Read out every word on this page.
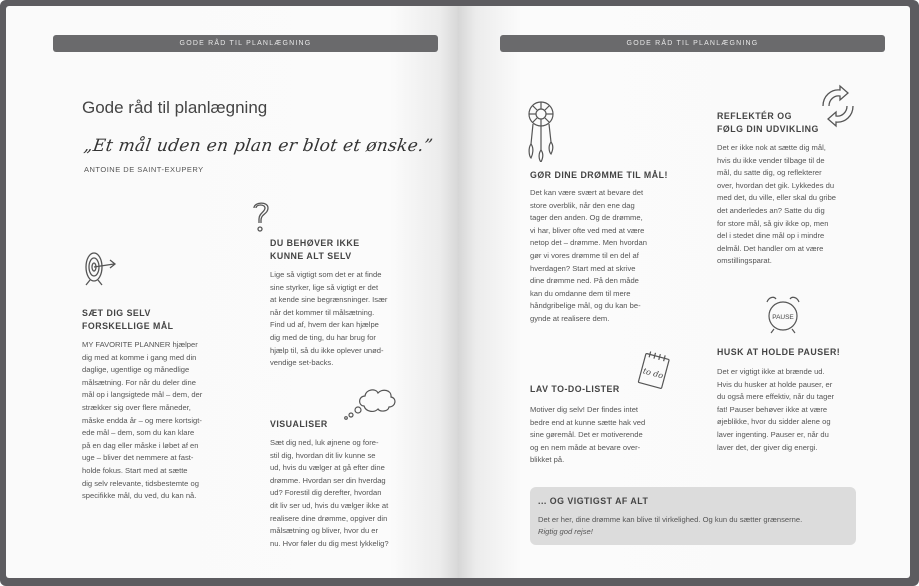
GODE RÅD TIL PLANLÆGNING	GODE RÅD TIL PLANLÆGNING
Gode råd til planlægning
„Et mål uden en plan er blot et ønske.”
ANTOINE DE SAINT-EXUPERY
SÆT DIG SELV
FORSKELLIGE MÅL
MY FAVORITE PLANNER hjælper
dig med at komme i gang med din
daglige, ugentlige og månedlige
målsætning. For når du deler dine
mål op i langsigtede mål – dem, der
strækker sig over flere måneder,
måske endda år – og mere kortsigt-
ede mål – dem, som du kan klare
på en dag eller måske i løbet af en
uge – bliver det nemmere at fast-
holde fokus. Start med at sætte
dig selv relevante, tidsbestemte og
specifikke mål, du ved, du kan nå.
DU BEHØVER IKKE
KUNNE ALT SELV
Lige så vigtigt som det er at finde
sine styrker, lige så vigtigt er det
at kende sine begrænsninger. Især
når det kommer til målsætning.
Find ud af, hvem der kan hjælpe
dig med de ting, du har brug for
hjælp til, så du ikke oplever unød-
vendige set-backs.
VISUALISER
Sæt dig ned, luk øjnene og fore-
stil dig, hvordan dit liv kunne se
ud, hvis du vælger at gå efter dine
drømme. Hvordan ser din hverdag
ud? Forestil dig derefter, hvordan
dit liv ser ud, hvis du vælger ikke at
realisere dine drømme, opgiver din
målsætning og bliver, hvor du er
nu. Hvor føler du dig mest lykkelig?
GØR DINE DRØMME TIL MÅL!
Det kan være svært at bevare det
store overblik, når den ene dag
tager den anden. Og de drømme,
vi har, bliver ofte ved med at være
netop det – drømme. Men hvordan
gør vi vores drømme til en del af
hverdagen? Start med at skrive
dine drømme ned. På den måde
kan du omdanne dem til mere
håndgribelige mål, og du kan be-
gynde at realisere dem.
REFLEKTÉR OG
FØLG DIN UDVIKLING
Det er ikke nok at sætte dig mål,
hvis du ikke vender tilbage til de
mål, du satte dig, og reflekterer
over, hvordan det gik. Lykkedes du
med det, du ville, eller skal du gribe
det anderledes an? Satte du dig
for store mål, så giv ikke op, men
del i stedet dine mål op i mindre
delmål. Det handler om at være
omstillingsparat.
to do
LAV TO-DO-LISTER
Motiver dig selv! Der findes intet
bedre end at kunne sætte hak ved
sine gøremål. Det er motiverende
og en nem måde at bevare over-
blikket på.
PAUSE
HUSK AT HOLDE PAUSER!
Det er vigtigt ikke at brænde ud.
Hvis du husker at holde pauser, er
du også mere effektiv, når du tager
fat! Pauser behøver ikke at være
øjeblikke, hvor du sidder alene og
laver ingenting. Pauser er, når du
laver det, der giver dig energi.
... OG VIGTIGST AF ALT
Det er her, dine drømme kan blive til virkelighed. Og kun du sætter grænserne.
Rigtig god rejse!
